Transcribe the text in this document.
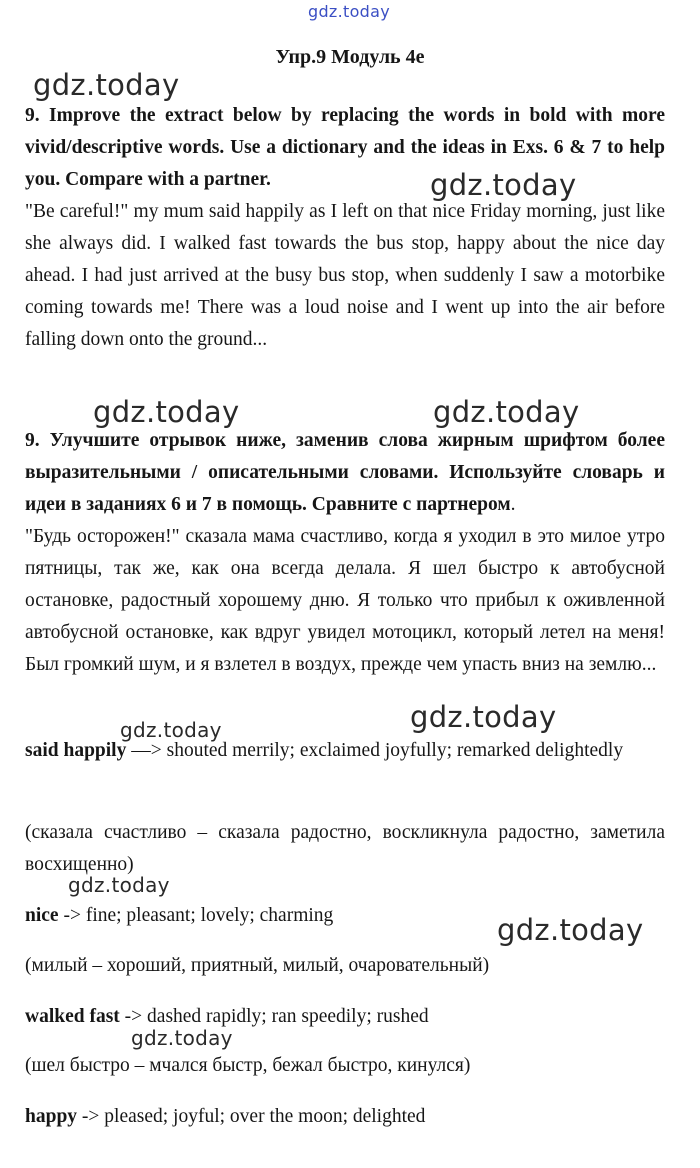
gdz.today
gdz.today
gdz.today
gdz.today	gdz.today
gdz.today
gdz.today
gdz.today
gdz.today
gdz.today

Упр.9 Модуль 4e

9. Improve the extract below by replacing the words in bold with more vivid/descriptive words. Use a dictionary and the ideas in Exs. 6 & 7 to help you. Compare with a partner.

"Be careful!" my mum said happily as I left on that nice Friday morning, just like she always did. I walked fast towards the bus stop, happy about the nice day ahead. I had just arrived at the busy bus stop, when suddenly I saw a motorbike coming towards me! There was a loud noise and I went up into the air before falling down onto the ground...

9. Улучшите отрывок ниже, заменив слова жирным шрифтом более выразительными / описательными словами. Используйте словарь и идеи в заданиях 6 и 7 в помощь. Сравните с партнером.

"Будь осторожен!" сказала мама счастливо, когда я уходил в это милое утро пятницы, так же, как она всегда делала. Я шел быстро к автобусной остановке, радостный хорошему дню. Я только что прибыл к оживленной автобусной остановке, как вдруг увидел мотоцикл, который летел на меня! Был громкий шум, и я взлетел в воздух, прежде чем упасть вниз на землю...

said happily —> shouted merrily; exclaimed joyfully; remarked delightedly

(сказала счастливо – сказала радостно, воскликнула радостно, заметила восхищенно)

nice -> fine; pleasant; lovely; charming

(милый – хороший, приятный, милый, очаровательный)

walked fast -> dashed rapidly; ran speedily; rushed

(шел быстро – мчался быстр, бежал быстро, кинулся)

happy -> pleased; joyful; over the moon; delighted
